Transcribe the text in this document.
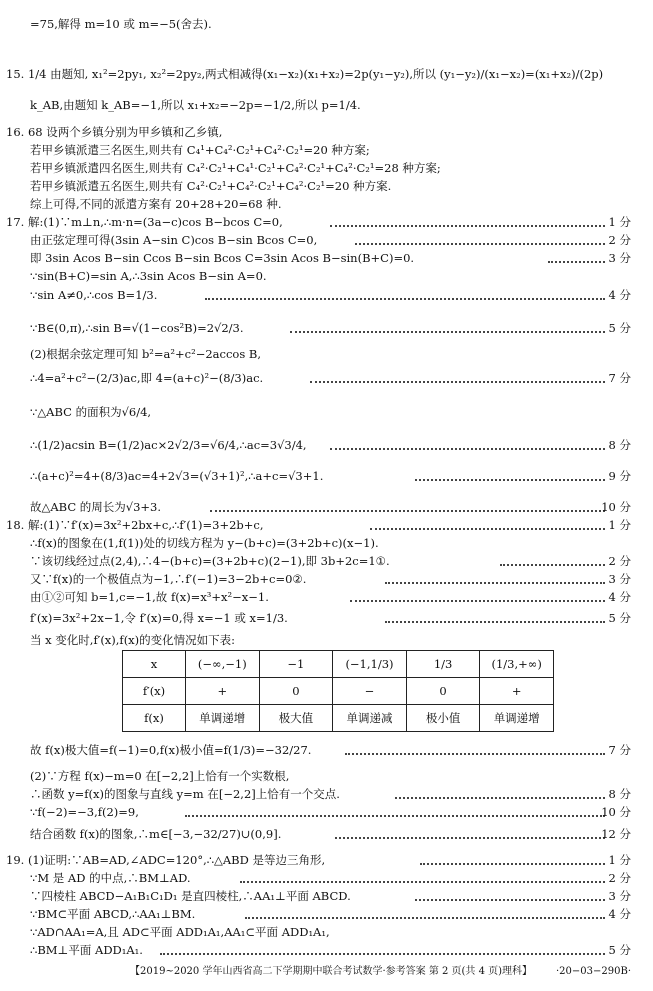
=75,解得 m=10 或 m=−5(舍去).
15. 1/4 由题知, x₁²=2py₁, x₂²=2py₂,两式相减得(x₁−x₂)(x₁+x₂)=2p(y₁−y₂),所以 (y₁−y₂)/(x₁−x₂)=(x₁+x₂)/(2p)
k_AB,由题知 k_AB=−1,所以 x₁+x₂=−2p=−1/2,所以 p=1/4.
16. 68 设两个乡镇分别为甲乡镇和乙乡镇,
若甲乡镇派遣三名医生,则共有 C₄¹+C₄²·C₂¹+C₄²·C₂¹=20 种方案;
若甲乡镇派遣四名医生,则共有 C₄²·C₂¹+C₄¹·C₂¹+C₄²·C₂¹+C₄²·C₂¹=28 种方案;
若甲乡镇派遣五名医生,则共有 C₄²·C₂¹+C₄²·C₂¹+C₄²·C₂¹=20 种方案.
综上可得,不同的派遣方案有 20+28+20=68 种.
17. 解:(1)∵m⊥n,∴m·n=(3a−c)cos B−bcos C=0,	1 分
由正弦定理可得(3sin A−sin C)cos B−sin Bcos C=0,	2 分
即 3sin Acos B−sin Ccos B−sin Bcos C=3sin Acos B−sin(B+C)=0.	3 分
∵sin(B+C)=sin A,∴3sin Acos B−sin A=0.
∵sin A≠0,∴cos B=1/3.	4 分
∵B∈(0,π),∴sin B=√(1−cos²B)=2√2/3.	5 分
(2)根据余弦定理可知 b²=a²+c²−2accos B,
∴4=a²+c²−(2/3)ac,即 4=(a+c)²−(8/3)ac.	7 分
∵△ABC 的面积为√6/4,
∴(1/2)acsin B=(1/2)ac×2√2/3=√6/4,∴ac=3√3/4,	8 分
∴(a+c)²=4+(8/3)ac=4+2√3=(√3+1)²,∴a+c=√3+1.	9 分
故△ABC 的周长为√3+3.	10 分
18. 解:(1)∵f′(x)=3x²+2bx+c,∴f′(1)=3+2b+c,	1 分
∴f(x)的图象在(1,f(1))处的切线方程为 y−(b+c)=(3+2b+c)(x−1).
∵该切线经过点(2,4),∴4−(b+c)=(3+2b+c)(2−1),即 3b+2c=1①.	2 分
又∵f(x)的一个极值点为−1,∴f′(−1)=3−2b+c=0②.	3 分
由①②可知 b=1,c=−1,故 f(x)=x³+x²−x−1.	4 分
f′(x)=3x²+2x−1,令 f′(x)=0,得 x=−1 或 x=1/3.	5 分
当 x 变化时,f′(x),f(x)的变化情况如下表:
x	(−∞,−1)	−1	(−1,1/3)	1/3	(1/3,+∞)
f′(x)	+	0	−	0	+
f(x)	单调递增	极大值	单调递减	极小值	单调递增
故 f(x)极大值=f(−1)=0,f(x)极小值=f(1/3)=−32/27.	7 分
(2)∵方程 f(x)−m=0 在[−2,2]上恰有一个实数根,
∴函数 y=f(x)的图象与直线 y=m 在[−2,2]上恰有一个交点.	8 分
∵f(−2)=−3,f(2)=9,	10 分
结合函数 f(x)的图象,∴m∈[−3,−32/27)∪(0,9].	12 分
19. (1)证明:∵AB=AD,∠ADC=120°,∴△ABD 是等边三角形,	1 分
∵M 是 AD 的中点,∴BM⊥AD.	2 分
∵四棱柱 ABCD−A₁B₁C₁D₁ 是直四棱柱,∴AA₁⊥平面 ABCD.	3 分
∵BM⊂平面 ABCD,∴AA₁⊥BM.	4 分
∵AD∩AA₁=A,且 AD⊂平面 ADD₁A₁,AA₁⊂平面 ADD₁A₁,
∴BM⊥平面 ADD₁A₁.	5 分
【2019~2020 学年山西省高二下学期期中联合考试数学·参考答案 第 2 页(共 4 页)理科】 ·20−03−290B·
